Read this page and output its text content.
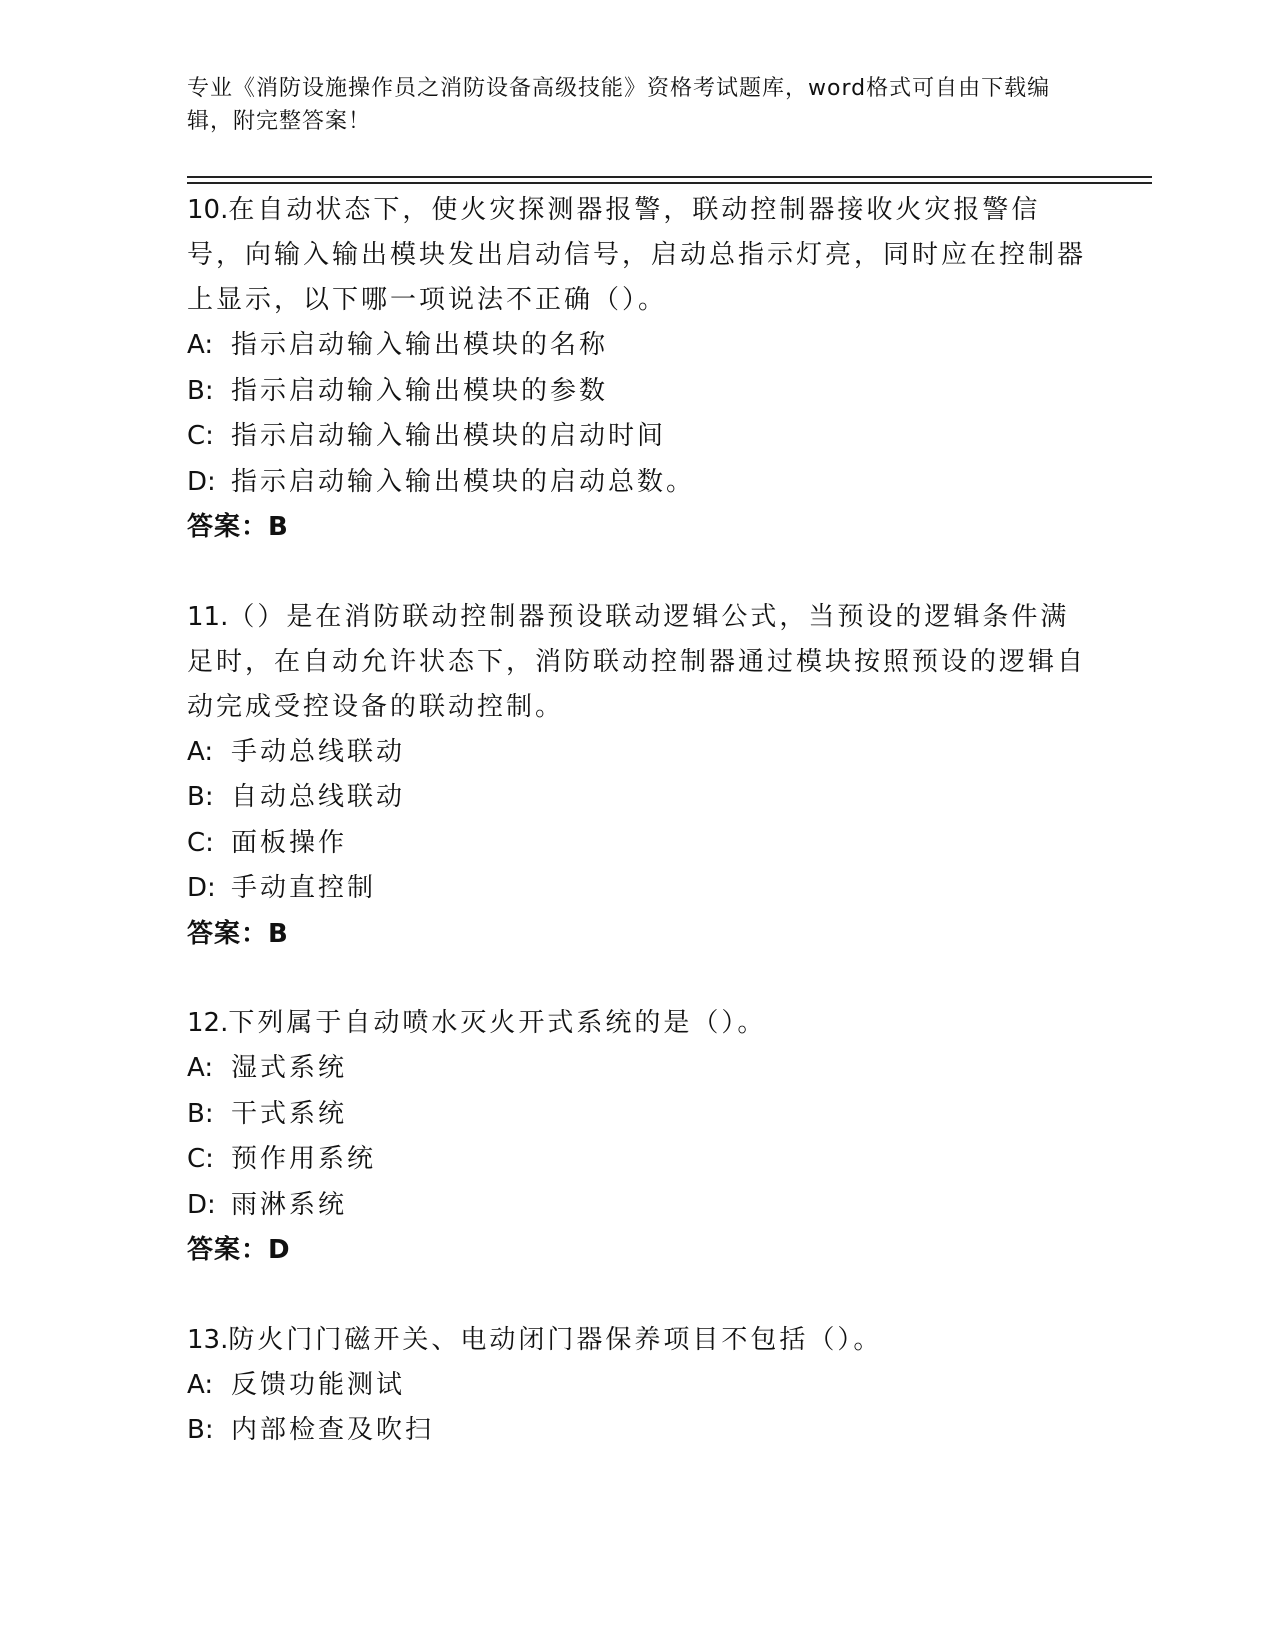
专业《消防设施操作员之消防设备高级技能》资格考试题库，word格式可自由下载编辑，附完整答案！

10.在自动状态下，使火灾探测器报警，联动控制器接收火灾报警信号，向输入输出模块发出启动信号，启动总指示灯亮，同时应在控制器上显示，以下哪一项说法不正确（）。

A: 指示启动输入输出模块的名称

B: 指示启动输入输出模块的参数

C: 指示启动输入输出模块的启动时间

D: 指示启动输入输出模块的启动总数。

答案：B

11.（）是在消防联动控制器预设联动逻辑公式，当预设的逻辑条件满足时，在自动允许状态下，消防联动控制器通过模块按照预设的逻辑自动完成受控设备的联动控制。

A: 手动总线联动

B: 自动总线联动

C: 面板操作

D: 手动直控制

答案：B

12.下列属于自动喷水灭火开式系统的是（）。

A: 湿式系统

B: 干式系统

C: 预作用系统

D: 雨淋系统

答案：D

13.防火门门磁开关、电动闭门器保养项目不包括（）。

A: 反馈功能测试

B: 内部检查及吹扫
